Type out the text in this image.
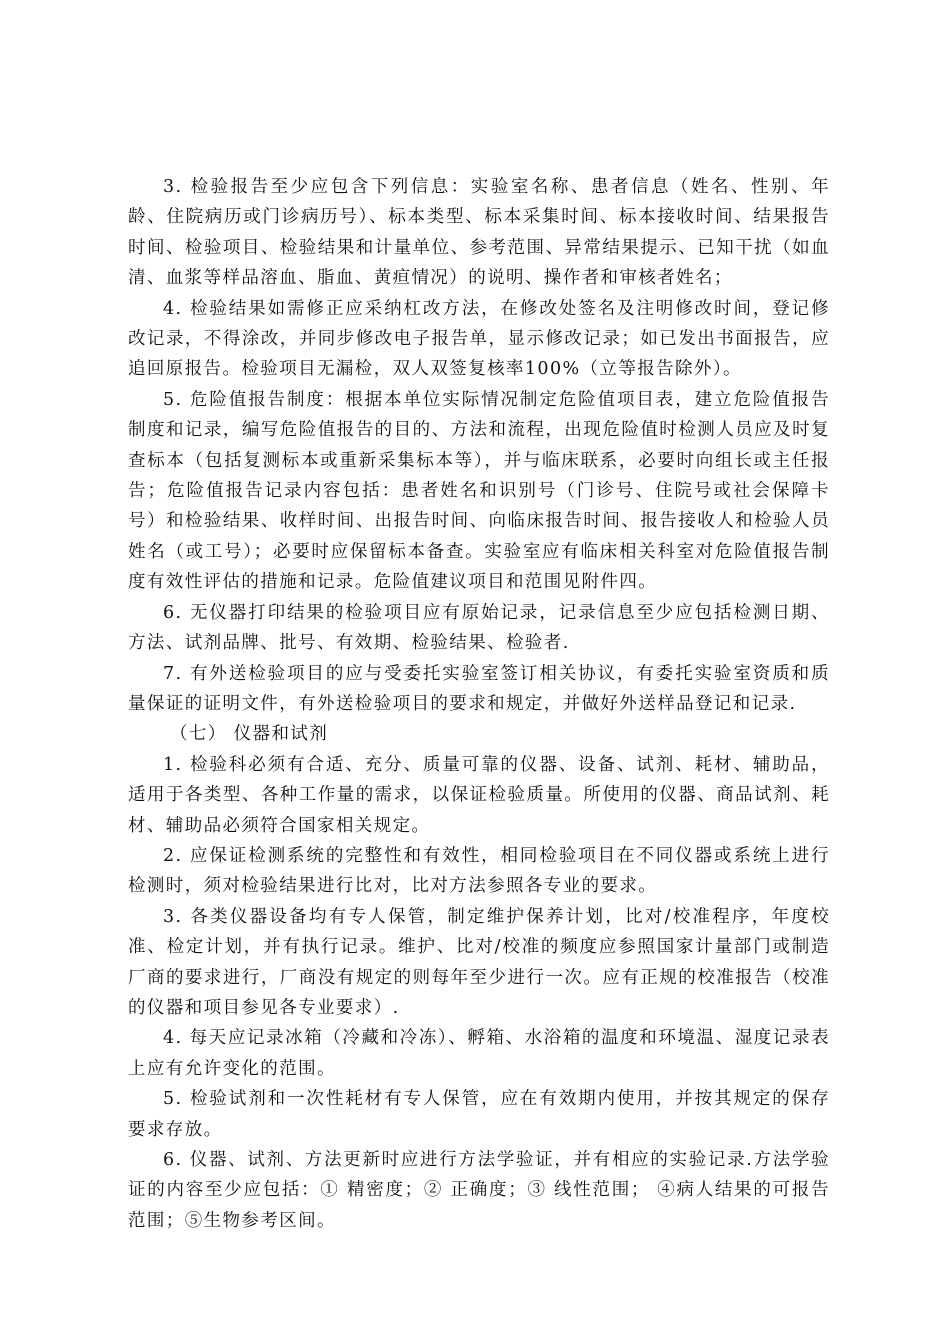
3. 检验报告至少应包含下列信息：实验室名称、患者信息（姓名、性别、年龄、住院病历或门诊病历号）、标本类型、标本采集时间、标本接收时间、结果报告时间、检验项目、检验结果和计量单位、参考范围、异常结果提示、已知干扰（如血清、血浆等样品溶血、脂血、黄疸情况）的说明、操作者和审核者姓名；

4. 检验结果如需修正应采纳杠改方法，在修改处签名及注明修改时间，登记修改记录，不得涂改，并同步修改电子报告单，显示修改记录；如已发出书面报告，应追回原报告。检验项目无漏检，双人双签复核率100%（立等报告除外）。

5. 危险值报告制度：根据本单位实际情况制定危险值项目表，建立危险值报告制度和记录，编写危险值报告的目的、方法和流程，出现危险值时检测人员应及时复查标本（包括复测标本或重新采集标本等），并与临床联系，必要时向组长或主任报告；危险值报告记录内容包括：患者姓名和识别号（门诊号、住院号或社会保障卡号）和检验结果、收样时间、出报告时间、向临床报告时间、报告接收人和检验人员姓名（或工号）；必要时应保留标本备查。实验室应有临床相关科室对危险值报告制度有效性评估的措施和记录。危险值建议项目和范围见附件四。

6. 无仪器打印结果的检验项目应有原始记录，记录信息至少应包括检测日期、方法、试剂品牌、批号、有效期、检验结果、检验者.

7. 有外送检验项目的应与受委托实验室签订相关协议，有委托实验室资质和质量保证的证明文件，有外送检验项目的要求和规定，并做好外送样品登记和记录.

（七） 仪器和试剂

1. 检验科必须有合适、充分、质量可靠的仪器、设备、试剂、耗材、辅助品，适用于各类型、各种工作量的需求，以保证检验质量。所使用的仪器、商品试剂、耗材、辅助品必须符合国家相关规定。

2. 应保证检测系统的完整性和有效性，相同检验项目在不同仪器或系统上进行检测时，须对检验结果进行比对，比对方法参照各专业的要求。

3. 各类仪器设备均有专人保管，制定维护保养计划，比对/校准程序，年度校准、检定计划，并有执行记录。维护、比对/校准的频度应参照国家计量部门或制造厂商的要求进行，厂商没有规定的则每年至少进行一次。应有正规的校准报告（校准的仪器和项目参见各专业要求）.

4. 每天应记录冰箱（冷藏和冷冻）、孵箱、水浴箱的温度和环境温、湿度记录表上应有允许变化的范围。

5. 检验试剂和一次性耗材有专人保管，应在有效期内使用，并按其规定的保存要求存放。

6. 仪器、试剂、方法更新时应进行方法学验证，并有相应的实验记录.方法学验证的内容至少应包括：① 精密度；② 正确度；③ 线性范围； ④病人结果的可报告范围；⑤生物参考区间。
